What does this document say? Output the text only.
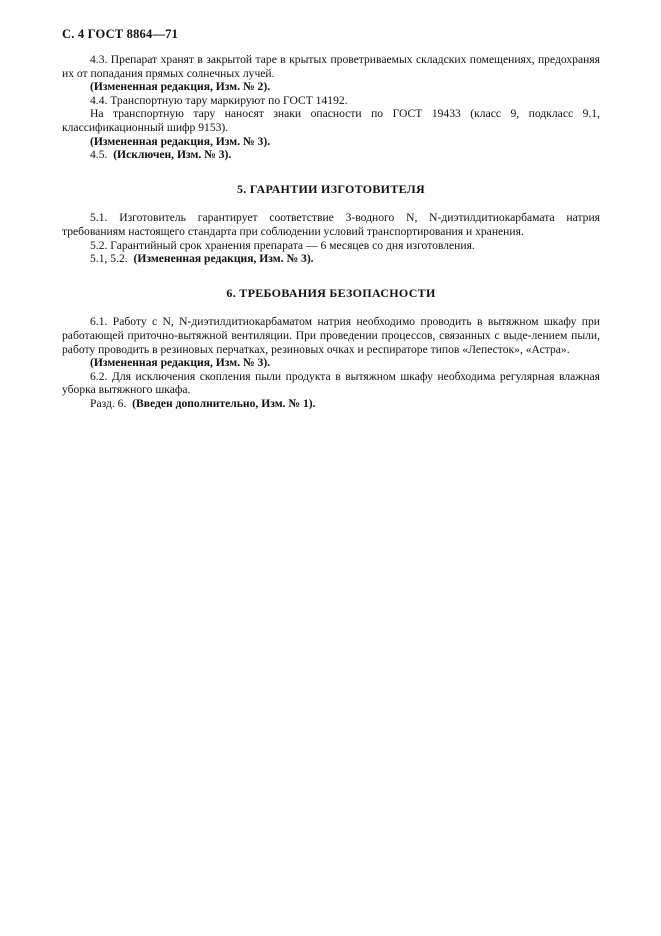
С. 4 ГОСТ 8864—71

4.3. Препарат хранят в закрытой таре в крытых проветриваемых складских помещениях, предохраняя их от попадания прямых солнечных лучей.

(Измененная редакция, Изм. № 2).

4.4. Транспортную тару маркируют по ГОСТ 14192.

На транспортную тару наносят знаки опасности по ГОСТ 19433 (класс 9, подкласс 9.1, классификационный шифр 9153).

(Измененная редакция, Изм. № 3).

4.5. (Исключен, Изм. № 3).

5. ГАРАНТИИ ИЗГОТОВИТЕЛЯ

5.1. Изготовитель гарантирует соответствие 3-водного N, N-диэтилдитиокарбамата натрия требованиям настоящего стандарта при соблюдении условий транспортирования и хранения.

5.2. Гарантийный срок хранения препарата — 6 месяцев со дня изготовления.

5.1, 5.2. (Измененная редакция, Изм. № 3).

6. ТРЕБОВАНИЯ БЕЗОПАСНОСТИ

6.1. Работу с N, N-диэтилдитиокарбаматом натрия необходимо проводить в вытяжном шкафу при работающей приточно-вытяжной вентиляции. При проведении процессов, связанных с выде-лением пыли, работу проводить в резиновых перчатках, резиновых очках и респираторе типов «Лепесток», «Астра».

(Измененная редакция, Изм. № 3).

6.2. Для исключения скопления пыли продукта в вытяжном шкафу необходима регулярная влажная уборка вытяжного шкафа.

Разд. 6. (Введен дополнительно, Изм. № 1).
